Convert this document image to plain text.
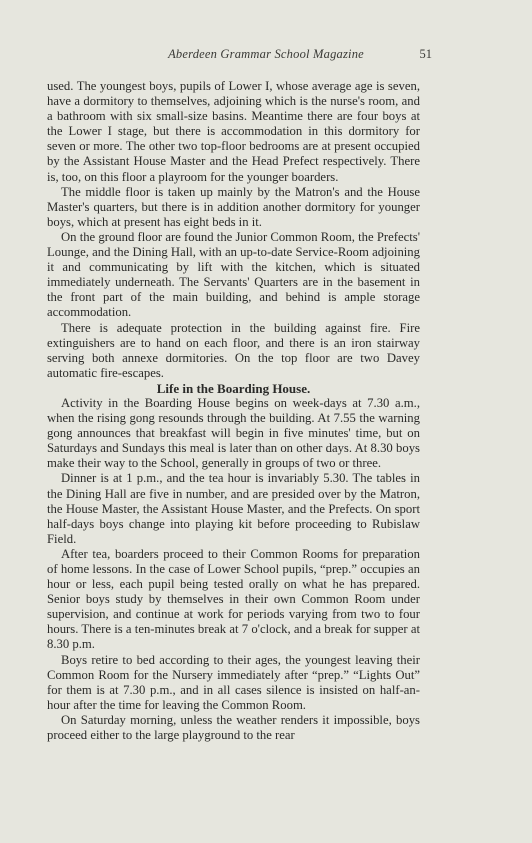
Aberdeen Grammar School Magazine	51

used. The youngest boys, pupils of Lower I, whose average age is seven, have a dormitory to themselves, adjoining which is the nurse's room, and a bathroom with six small-size basins. Meantime there are four boys at the Lower I stage, but there is accommodation in this dormitory for seven or more. The other two top-floor bedrooms are at present occupied by the Assistant House Master and the Head Prefect respectively. There is, too, on this floor a playroom for the younger boarders.

The middle floor is taken up mainly by the Matron's and the House Master's quarters, but there is in addition another dormitory for younger boys, which at present has eight beds in it.

On the ground floor are found the Junior Common Room, the Prefects' Lounge, and the Dining Hall, with an up-to-date Service-Room adjoining it and communicating by lift with the kitchen, which is situated immediately underneath. The Servants' Quarters are in the basement in the front part of the main building, and behind is ample storage accommodation.

There is adequate protection in the building against fire. Fire extinguishers are to hand on each floor, and there is an iron stairway serving both annexe dormitories. On the top floor are two Davey automatic fire-escapes.

Life in the Boarding House.

Activity in the Boarding House begins on week-days at 7.30 a.m., when the rising gong resounds through the building. At 7.55 the warning gong announces that breakfast will begin in five minutes' time, but on Saturdays and Sundays this meal is later than on other days. At 8.30 boys make their way to the School, generally in groups of two or three.

Dinner is at 1 p.m., and the tea hour is invariably 5.30. The tables in the Dining Hall are five in number, and are presided over by the Matron, the House Master, the Assistant House Master, and the Prefects. On sport half-days boys change into playing kit before proceeding to Rubislaw Field.

After tea, boarders proceed to their Common Rooms for preparation of home lessons. In the case of Lower School pupils, “prep.” occupies an hour or less, each pupil being tested orally on what he has prepared. Senior boys study by themselves in their own Common Room under supervision, and continue at work for periods varying from two to four hours. There is a ten-minutes break at 7 o'clock, and a break for supper at 8.30 p.m.

Boys retire to bed according to their ages, the youngest leaving their Common Room for the Nursery immediately after “prep.” “Lights Out” for them is at 7.30 p.m., and in all cases silence is insisted on half-an-hour after the time for leaving the Common Room.

On Saturday morning, unless the weather renders it impossible, boys proceed either to the large playground to the rear
